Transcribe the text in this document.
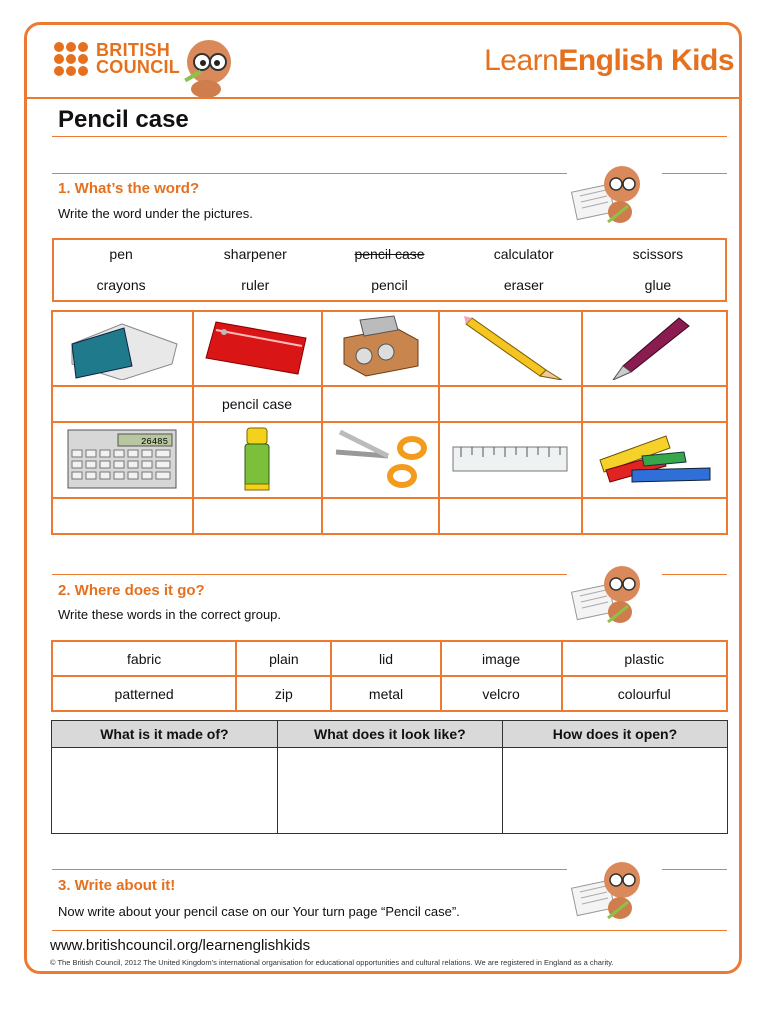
BRITISH
COUNCIL	LearnEnglish Kids
Pencil case
1. What’s the word?
Write the word under the pictures.
pen	sharpener	pencil case	calculator	scissors
crayons	ruler	pencil	eraser	glue

	pencil case			

26485

2. Where does it go?
Write these words in the correct group.
fabric	plain	lid	image	plastic
patterned	zip	metal	velcro	colourful
What is it made of?	What does it look like?	How does it open?

3. Write about it!
Now write about your pencil case on our Your turn page “Pencil case”.
www.britishcouncil.org/learnenglishkids
© The British Council, 2012 The United Kingdom’s international organisation for educational opportunities and cultural relations. We are registered in England as a charity.
